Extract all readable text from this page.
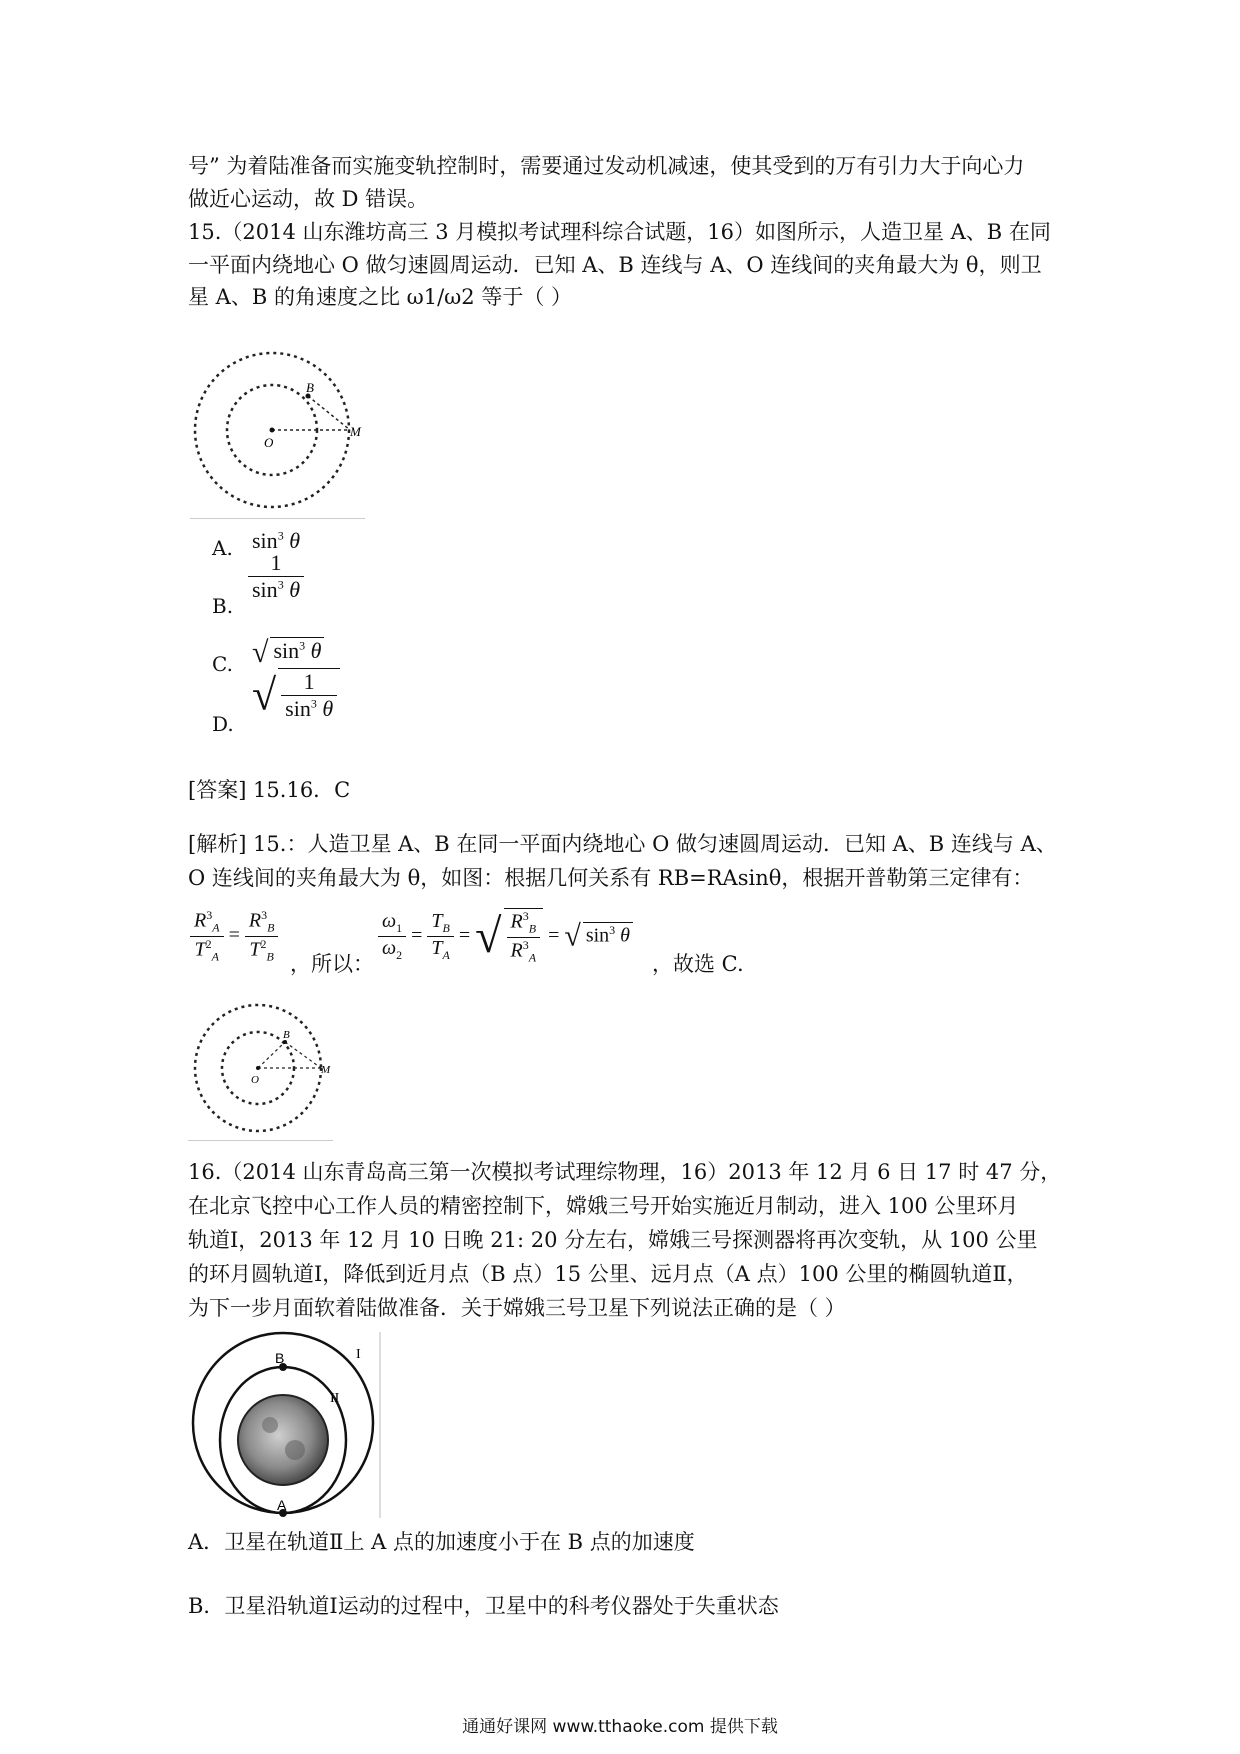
号” 为着陆准备而实施变轨控制时，需要通过发动机减速，使其受到的万有引力大于向心力
做近心运动，故 D 错误。
15.（2014 山东潍坊高三 3 月模拟考试理科综合试题，16）如图所示，人造卫星 A、B 在同
一平面内绕地心 O 做匀速圆周运动．已知 A、B 连线与 A、O 连线间的夹角最大为 θ，则卫
星 A、B 的角速度之比 ω1/ω2 等于（ ）
B
O
M
A. $\sin^3 \theta$
B.
$\frac{1}{\sin^3 \theta}$
C. √ $\sin^3 \theta$
D.
√ $\frac{1}{\sin^3 \theta}$
[答案] 15.16．C
[解析] 15.：人造卫星 A、B 在同一平面内绕地心 O 做匀速圆周运动．已知 A、B 连线与 A、
O 连线间的夹角最大为 θ，如图：根据几何关系有 RB=RAsinθ，根据开普勒第三定律有：
$\frac{R^3_A}{T^2_A} = \frac{R^3_B}{T^2_B}$ ，所以：
$\frac{\omega_1}{\omega_2} = \frac{T_B}{T_A}$ = √ $\frac{R^3_B}{R^3_A}$ = √ $\sin^3 \theta$
，故选 C.
B
O
M
16.（2014 山东青岛高三第一次模拟考试理综物理，16）2013 年 12 月 6 日 17 时 47 分，
在北京飞控中心工作人员的精密控制下，嫦娥三号开始实施近月制动，进入 100 公里环月
轨道Ⅰ，2013 年 12 月 10 日晚 21: 20 分左右，嫦娥三号探测器将再次变轨，从 100 公里
的环月圆轨道Ⅰ，降低到近月点（B 点）15 公里、远月点（A 点）100 公里的椭圆轨道Ⅱ，
为下一步月面软着陆做准备．关于嫦娥三号卫星下列说法正确的是（ ）
B
A
I
II
A．卫星在轨道Ⅱ上 A 点的加速度小于在 B 点的加速度
B．卫星沿轨道Ⅰ运动的过程中，卫星中的科考仪器处于失重状态
通通好课网 www.tthaoke.com 提供下载
